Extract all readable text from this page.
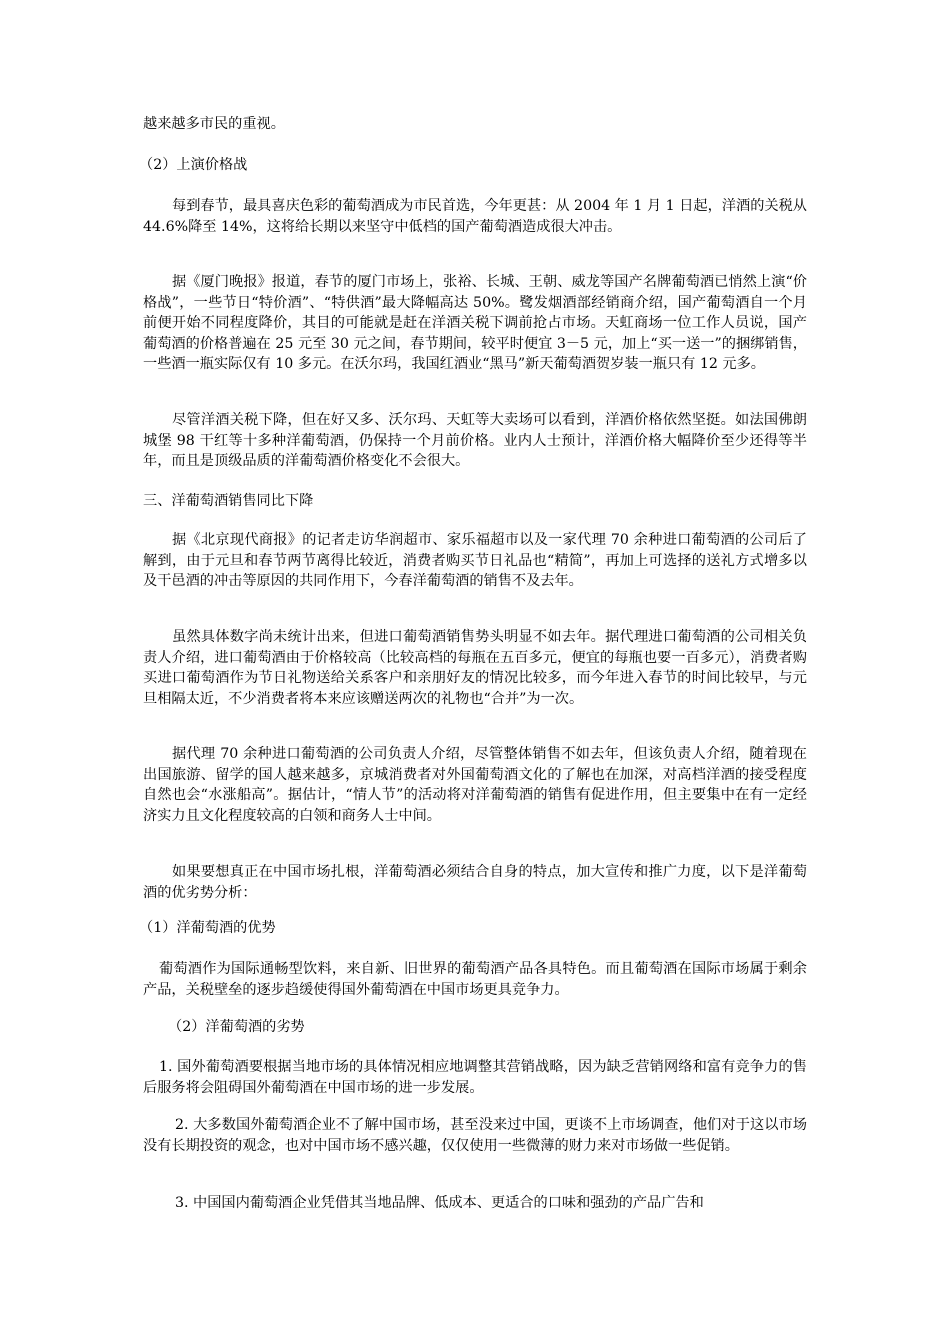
越来越多市民的重视。

（2）上演价格战

每到春节，最具喜庆色彩的葡萄酒成为市民首选，今年更甚：从 2004 年 1 月 1 日起，洋酒的关税从 44.6%降至 14%，这将给长期以来坚守中低档的国产葡萄酒造成很大冲击。

据《厦门晚报》报道，春节的厦门市场上，张裕、长城、王朝、威龙等国产名牌葡萄酒已悄然上演“价格战”，一些节日“特价酒”、“特供酒”最大降幅高达 50%。鹭发烟酒部经销商介绍，国产葡萄酒自一个月前便开始不同程度降价，其目的可能就是赶在洋酒关税下调前抢占市场。天虹商场一位工作人员说，国产葡萄酒的价格普遍在 25 元至 30 元之间，春节期间，较平时便宜 3－5 元，加上“买一送一”的捆绑销售，一些酒一瓶实际仅有 10 多元。在沃尔玛，我国红酒业“黑马”新天葡萄酒贺岁装一瓶只有 12 元多。

尽管洋酒关税下降，但在好又多、沃尔玛、天虹等大卖场可以看到，洋酒价格依然坚挺。如法国佛朗城堡 98 干红等十多种洋葡萄酒，仍保持一个月前价格。业内人士预计，洋酒价格大幅降价至少还得等半年，而且是顶级品质的洋葡萄酒价格变化不会很大。

三、洋葡萄酒销售同比下降

据《北京现代商报》的记者走访华润超市、家乐福超市以及一家代理 70 余种进口葡萄酒的公司后了解到，由于元旦和春节两节离得比较近，消费者购买节日礼品也“精简”，再加上可选择的送礼方式增多以及干邑酒的冲击等原因的共同作用下，今春洋葡萄酒的销售不及去年。

虽然具体数字尚未统计出来，但进口葡萄酒销售势头明显不如去年。据代理进口葡萄酒的公司相关负责人介绍，进口葡萄酒由于价格较高（比较高档的每瓶在五百多元，便宜的每瓶也要一百多元），消费者购买进口葡萄酒作为节日礼物送给关系客户和亲朋好友的情况比较多，而今年进入春节的时间比较早，与元旦相隔太近，不少消费者将本来应该赠送两次的礼物也“合并”为一次。

据代理 70 余种进口葡萄酒的公司负责人介绍，尽管整体销售不如去年，但该负责人介绍，随着现在出国旅游、留学的国人越来越多，京城消费者对外国葡萄酒文化的了解也在加深，对高档洋酒的接受程度自然也会“水涨船高”。据估计，“情人节”的活动将对洋葡萄酒的销售有促进作用，但主要集中在有一定经济实力且文化程度较高的白领和商务人士中间。

如果要想真正在中国市场扎根，洋葡萄酒必须结合自身的特点，加大宣传和推广力度，以下是洋葡萄酒的优劣势分析：

（1）洋葡萄酒的优势

葡萄酒作为国际通畅型饮料，来自新、旧世界的葡萄酒产品各具特色。而且葡萄酒在国际市场属于剩余产品，关税壁垒的逐步趋缓使得国外葡萄酒在中国市场更具竞争力。

（2）洋葡萄酒的劣势

1. 国外葡萄酒要根据当地市场的具体情况相应地调整其营销战略，因为缺乏营销网络和富有竞争力的售后服务将会阻碍国外葡萄酒在中国市场的进一步发展。

2. 大多数国外葡萄酒企业不了解中国市场，甚至没来过中国，更谈不上市场调查，他们对于这以市场没有长期投资的观念，也对中国市场不感兴趣，仅仅使用一些微薄的财力来对市场做一些促销。

3. 中国国内葡萄酒企业凭借其当地品牌、低成本、更适合的口味和强劲的产品广告和
